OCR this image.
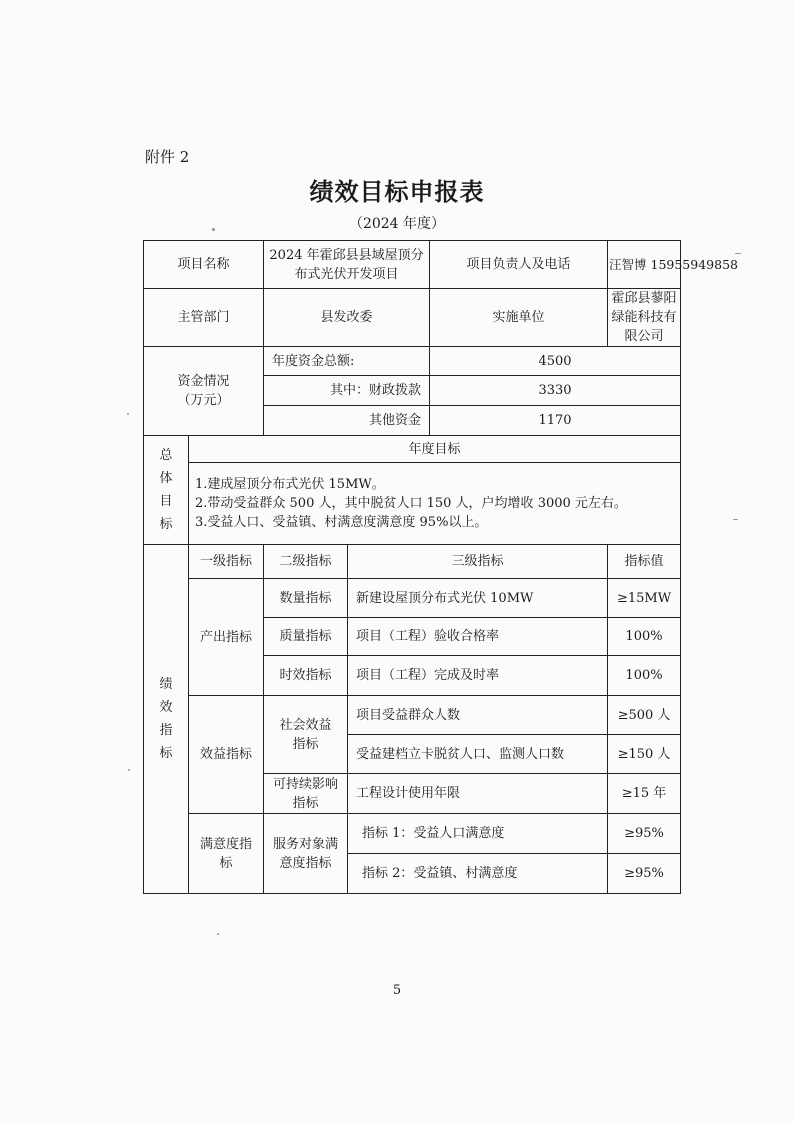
附件 2
绩效目标申报表
（2024 年度）
项目名称		2024 年霍邱县县域屋顶分布式光伏开发项目		项目负责人及电话	汪智博 15955949858
主管部门		县发改委		实施单位	霍邱县蓼阳绿能科技有限公司
资金情况（万元）		年度资金总额:		4500	
		其中：财政拨款		3330	
		其他资金		1170	
总体目标	年度目标				

	1.建成屋顶分布式光伏 15MW。
2.带动受益群众 500 人，其中脱贫人口 150 人，户均增收 3000 元左右。
3.受益人口、受益镇、村满意度满意度 95%以上。				

绩效指标	一级指标	二级指标	三级指标		指标值
	产出指标	数量指标	新建设屋顶分布式光伏 10MW		≥15MW
		质量指标	项目（工程）验收合格率		100%
		时效指标	项目（工程）完成及时率		100%
	效益指标	社会效益指标	项目受益群众人数		≥500 人
			受益建档立卡脱贫人口、监测人口数		≥150 人
		可持续影响指标	工程设计使用年限		≥15 年
	满意度指标	服务对象满意度指标	指标 1：受益人口满意度		≥95%
			指标 2：受益镇、村满意度		≥95%
5
